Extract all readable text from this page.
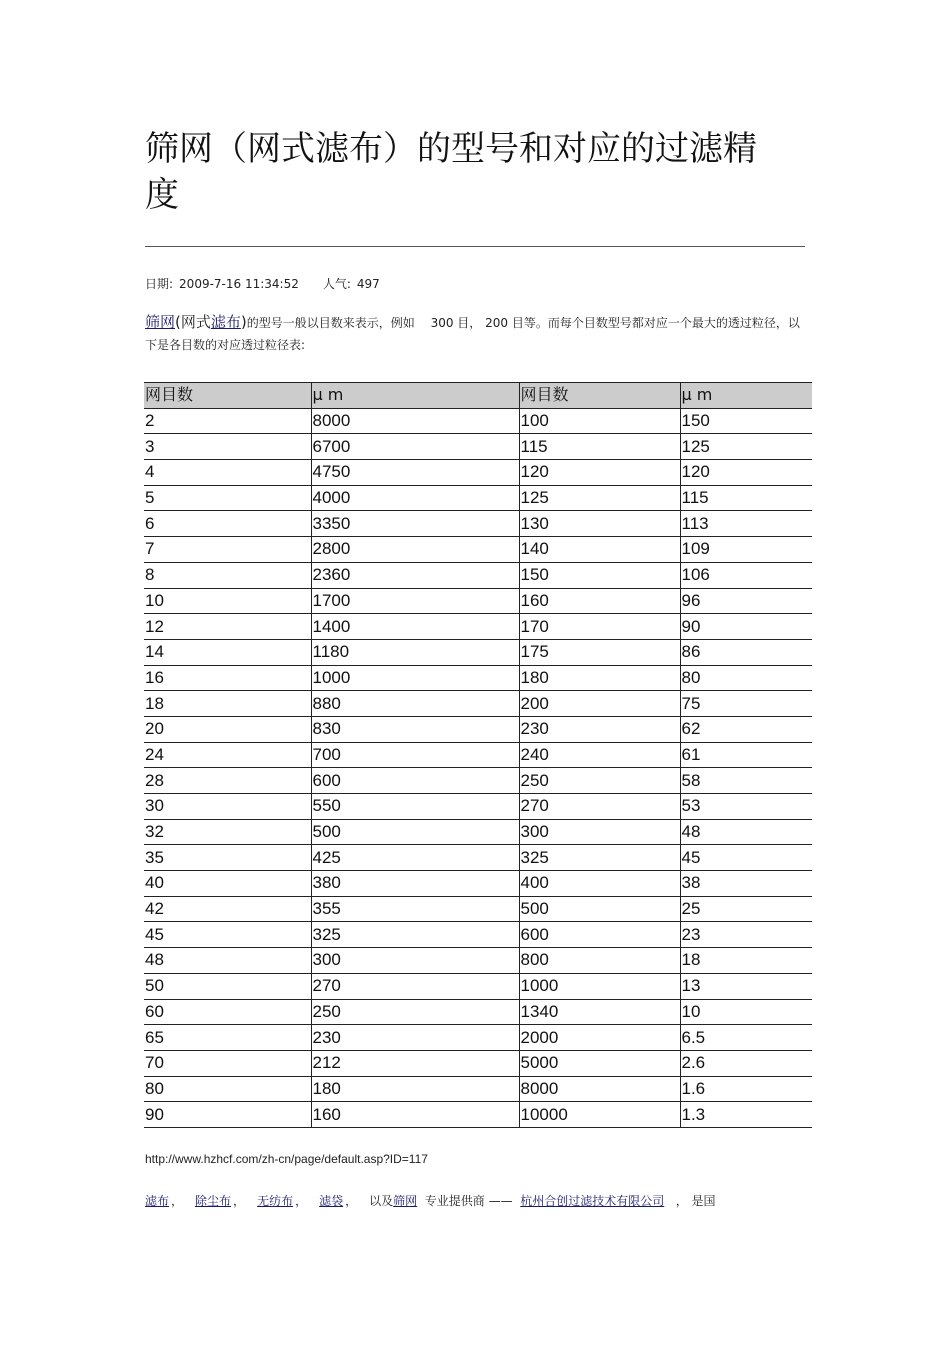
筛网（网式滤布）的型号和对应的过滤精度
日期: 2009-7-16 11:34:52 人气: 497
筛网(网式滤布)的型号一般以目数来表示，例如　 300 目， 200 目等。而每个目数型号都对应一个最大的透过粒径，以下是各目数的对应透过粒径表:
网目数	μ m	网目数	μ m
2	8000	100	150
3	6700	115	125
4	4750	120	120
5	4000	125	115
6	3350	130	113
7	2800	140	109
8	2360	150	106
10	1700	160	96
12	1400	170	90
14	1180	175	86
16	1000	180	80
18	880	200	75
20	830	230	62
24	700	240	61
28	600	250	58
30	550	270	53
32	500	300	48
35	425	325	45
40	380	400	38
42	355	500	25
45	325	600	23
48	300	800	18
50	270	1000	13
60	250	1340	10
65	230	2000	6.5
70	212	5000	2.6
80	180	8000	1.6
90	160	10000	1.3
http://www.hzhcf.com/zh-cn/page/default.asp?ID=117
滤布 ， 除尘布 ， 无纺布 ， 滤袋 ， 以及筛网 专业提供商 —— 杭州合创过滤技术有限公司 ， 是国
